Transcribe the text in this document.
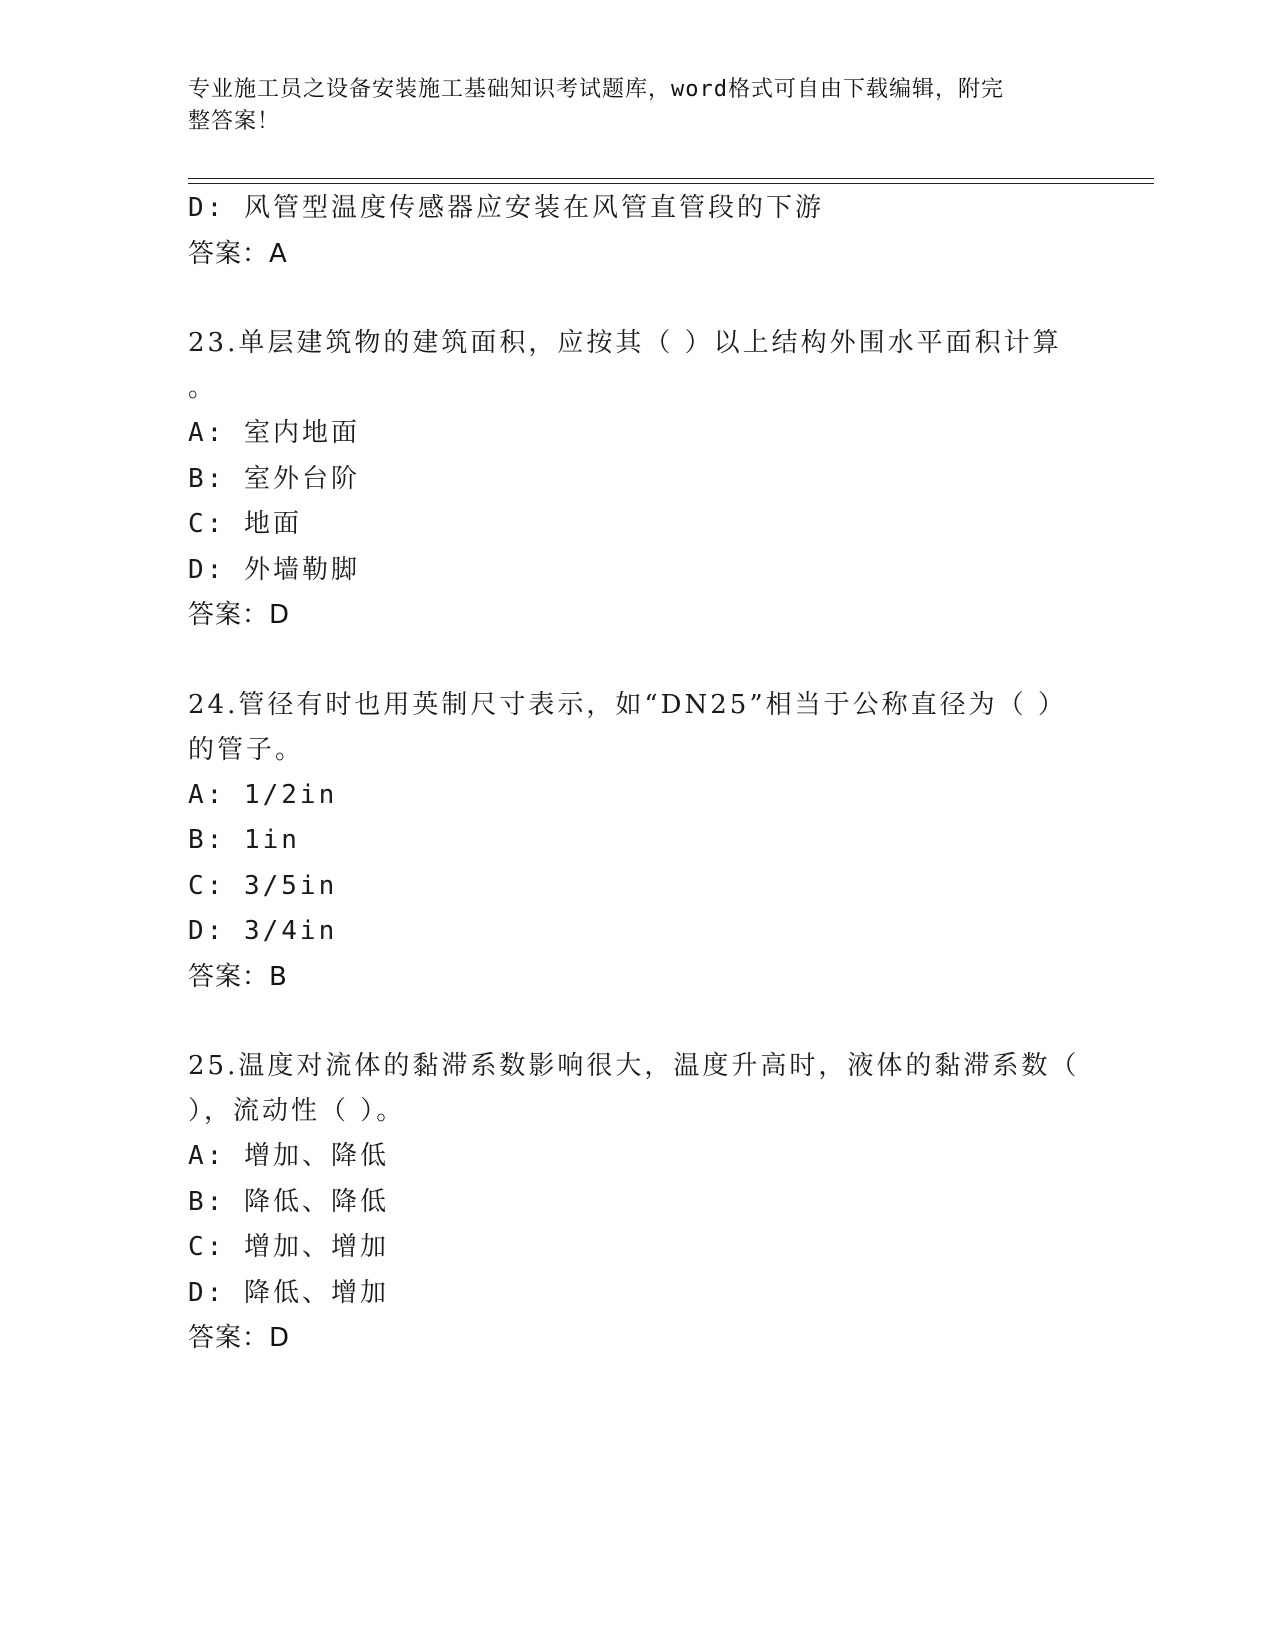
专业施工员之设备安装施工基础知识考试题库，word格式可自由下载编辑，附完
整答案！
D: 风管型温度传感器应安装在风管直管段的下游
答案：A
23.单层建筑物的建筑面积，应按其（ ）以上结构外围水平面积计算
。
A: 室内地面
B: 室外台阶
C: 地面
D: 外墙勒脚
答案：D
24.管径有时也用英制尺寸表示，如“DN25”相当于公称直径为（ ）
的管子。
A: 1/2in
B: 1in
C: 3/5in
D: 3/4in
答案：B
25.温度对流体的黏滞系数影响很大，温度升高时，液体的黏滞系数（
），流动性（ ）。
A: 增加、降低
B: 降低、降低
C: 增加、增加
D: 降低、增加
答案：D
